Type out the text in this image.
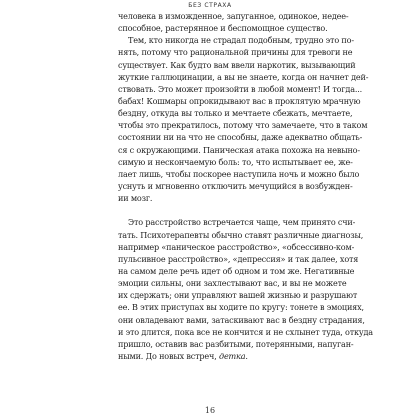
БЕЗ СТРАХА
человека в изможденное, запуганное, одинокое, недее-
способное, растерянное и беспомощное существо.
Тем, кто никогда не страдал подобным, трудно это по-
нять, потому что рациональной причины для тревоги не
существует. Как будто вам ввели наркотик, вызывающий
жуткие галлюцинации, а вы не знаете, когда он начнет дей-
ствовать. Это может произойти в любой момент! И тогда...
бабах! Кошмары опрокидывают вас в проклятую мрачную
бездну, откуда вы только и мечтаете сбежать, мечтаете,
чтобы это прекратилось, потому что замечаете, что в таком
состоянии ни на что не способны, даже адекватно общать-
ся с окружающими. Паническая атака похожа на невыно-
симую и нескончаемую боль: то, что испытывает ее, же-
лает лишь, чтобы поскорее наступила ночь и можно было
уснуть и мгновенно отключить мечущийся в возбужден-
ии мозг.
Это расстройство встречается чаще, чем принято счи-
тать. Психотерапевты обычно ставят различные диагнозы,
например «паническое расстройство», «обсессивно-ком-
пульсивное расстройство», «депрессия» и так далее, хотя
на самом деле речь идет об одном и том же. Негативные
эмоции сильны, они захлестывают вас, и вы не можете
их сдержать; они управляют вашей жизнью и разрушают
ее. В этих приступах вы ходите по кругу: тонете в эмоциях,
они овладевают вами, затаскивают вас в бездну страдания,
и это длится, пока все не кончится и не схлынет туда, откуда
пришло, оставив вас разбитыми, потерянными, напуган-
ными. До новых встреч, детка.
16
